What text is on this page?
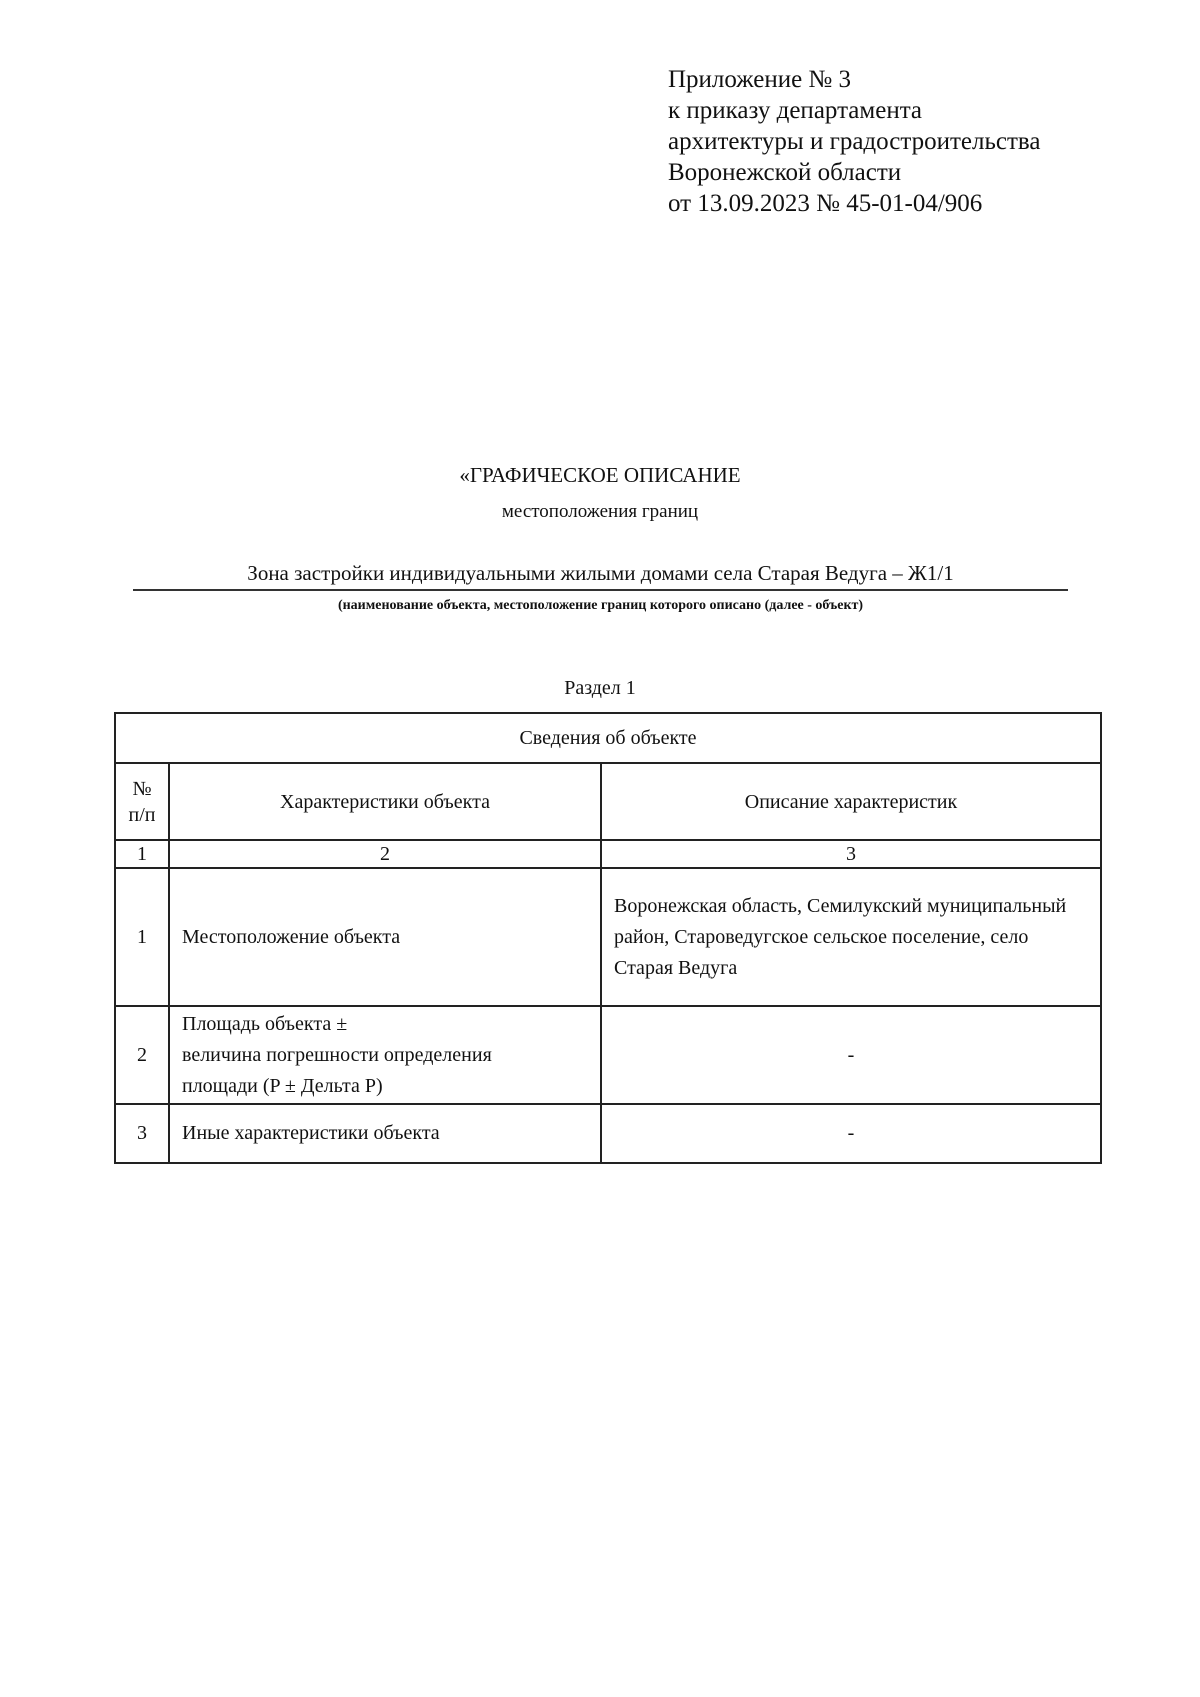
Приложение № 3
к приказу департамента
архитектуры и градостроительства
Воронежской области
от 13.09.2023 № 45-01-04/906
«ГРАФИЧЕСКОЕ ОПИСАНИЕ
местоположения границ
Зона застройки индивидуальными жилыми домами села Старая Ведуга – Ж1/1
(наименование объекта, местоположение границ которого описано (далее - объект)
Раздел 1
Сведения об объекте		

№
п/п	Характеристики объекта	Описание характеристик
1	2	3
1	Местоположение объекта	Воронежская область, Семилукский муниципальный район, Староведугское сельское поселение, село Старая Ведуга
2	Площадь объекта ±
величина погрешности определения
площади (P ± Дельта P)	-
3	Иные характеристики объекта	-
